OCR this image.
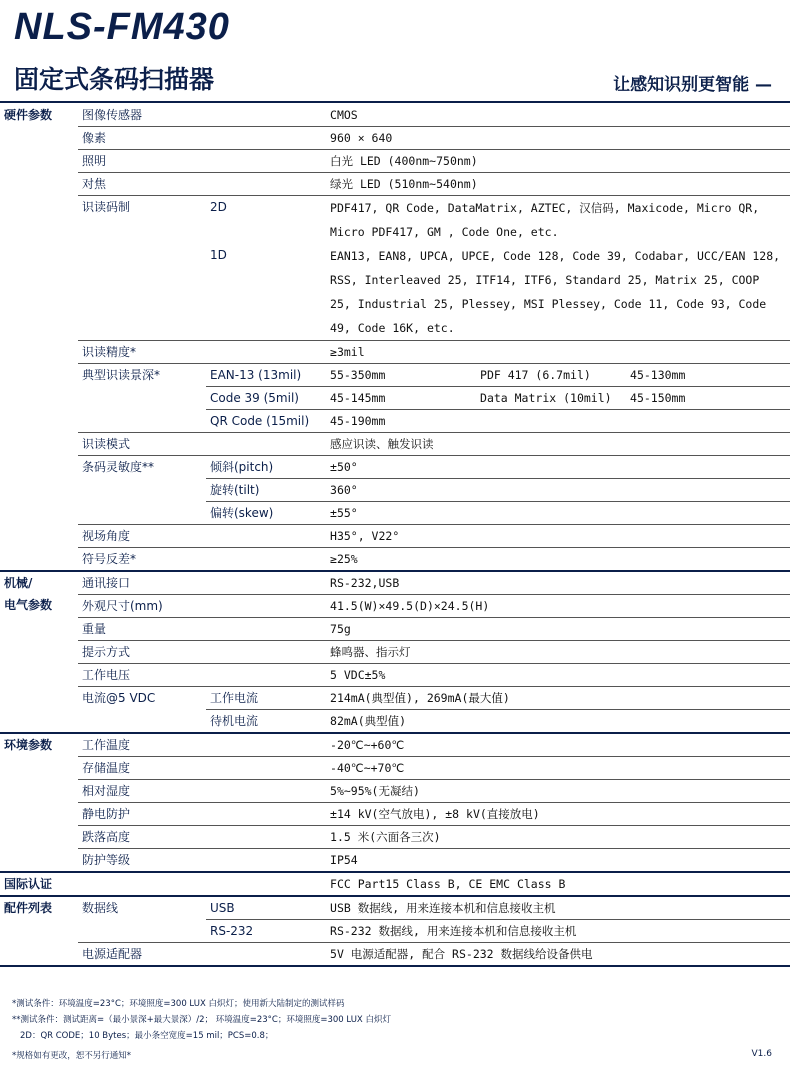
NLS-FM430
固定式条码扫描器	让感知识别更智能 —
硬件参数	图像传感器		CMOS		
	像素		960 × 640		
	照明		白光 LED (400nm~750nm)		
	对焦		绿光 LED (510nm~540nm)		
	识读码制	2D	PDF417, QR Code, DataMatrix, AZTEC, 汉信码, Maxicode, Micro QR, Micro PDF417, GM , Code One, etc.		
		1D	EAN13, EAN8, UPCA, UPCE, Code 128, Code 39, Codabar, UCC/EAN 128, RSS, Interleaved 25, ITF14, ITF6, Standard 25, Matrix 25, COOP 25, Industrial 25, Plessey, MSI Plessey, Code 11, Code 93, Code 49, Code 16K, etc.		
	识读精度*		≥3mil		
	典型识读景深*	EAN-13 (13mil)	55-350mm	PDF 417 (6.7mil)	45-130mm
		Code 39 (5mil)	45-145mm	Data Matrix (10mil)	45-150mm
		QR Code (15mil)	45-190mm		
	识读模式		感应识读、触发识读		
	条码灵敏度**	倾斜(pitch)	±50°		
		旋转(tilt)	360°		
		偏转(skew)	±55°		
	视场角度		H35°, V22°		
	符号反差*		≥25%		
机械/
电气参数	通讯接口		RS-232,USB		
	外观尺寸(mm)		41.5(W)×49.5(D)×24.5(H)		
	重量		75g		
	提示方式		蜂鸣器、指示灯		
	工作电压		5 VDC±5%		
	电流@5 VDC	工作电流	214mA(典型值), 269mA(最大值)		
		待机电流	82mA(典型值)		
环境参数	工作温度		-20℃~+60℃		
	存储温度		-40℃~+70℃		
	相对湿度		5%~95%(无凝结)		
	静电防护		±14 kV(空气放电), ±8 kV(直接放电)		
	跌落高度		1.5 米(六面各三次)		
	防护等级		IP54		
国际认证			FCC Part15 Class B, CE EMC Class B		
配件列表	数据线	USB	USB 数据线, 用来连接本机和信息接收主机		
		RS-232	RS-232 数据线, 用来连接本机和信息接收主机		
	电源适配器		5V 电源适配器, 配合 RS-232 数据线给设备供电		
*测试条件：环境温度=23°C；环境照度=300 LUX 白炽灯；使用新大陆制定的测试样码
**测试条件：测试距离=（最小景深+最大景深）/2； 环境温度=23°C；环境照度=300 LUX 白炽灯
2D：QR CODE；10 Bytes；最小条空宽度=15 mil；PCS=0.8；
*规格如有更改，恕不另行通知*	V1.6
